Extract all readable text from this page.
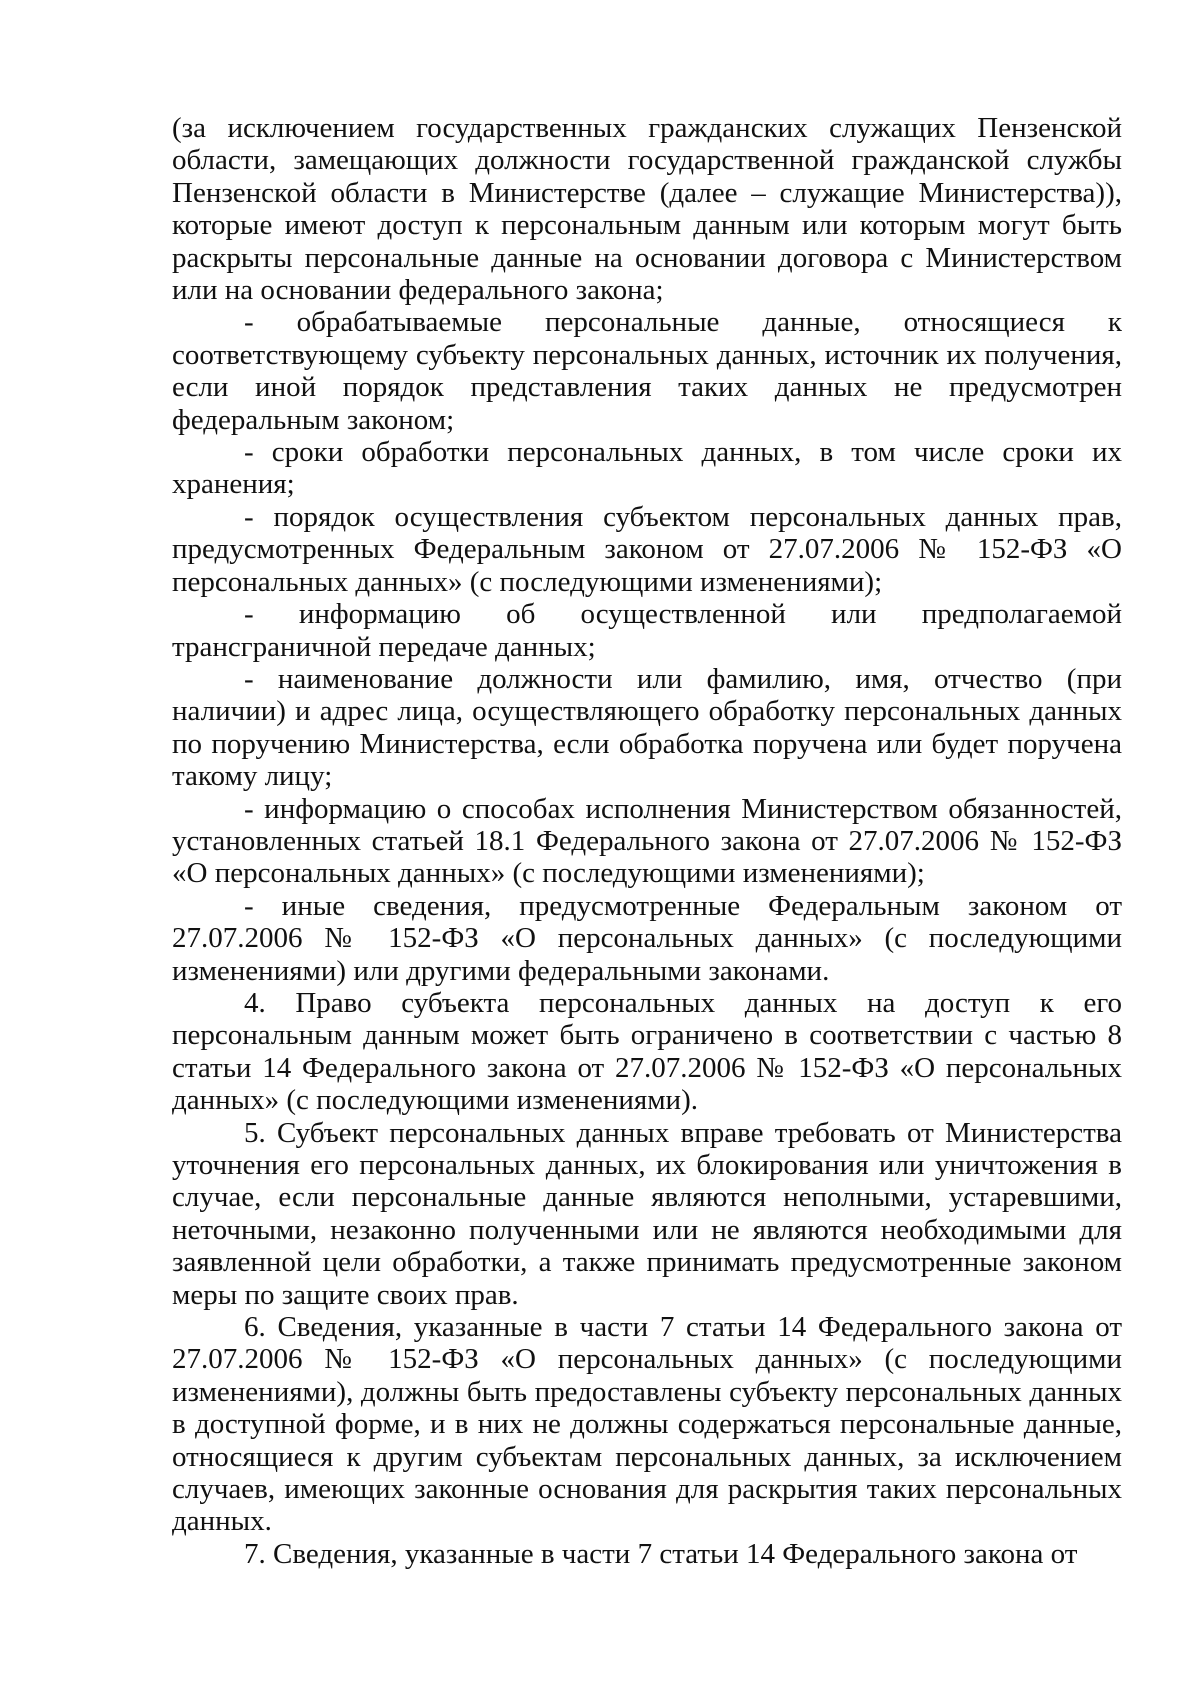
(за исключением государственных гражданских служащих Пензенской области, замещающих должности государственной гражданской службы Пензенской области в Министерстве (далее – служащие Министерства)), которые имеют доступ к персональным данным или которым могут быть раскрыты персональные данные на основании договора с Министерством или на основании федерального закона;

- обрабатываемые персональные данные, относящиеся к соответствующему субъекту персональных данных, источник их получения, если иной порядок представления таких данных не предусмотрен федеральным законом;

- сроки обработки персональных данных, в том числе сроки их хранения;

- порядок осуществления субъектом персональных данных прав, предусмотренных Федеральным законом от 27.07.2006 № 152-ФЗ «О персональных данных» (с последующими изменениями);

- информацию об осуществленной или предполагаемой трансграничной передаче данных;

- наименование должности или фамилию, имя, отчество (при наличии) и адрес лица, осуществляющего обработку персональных данных по поручению Министерства, если обработка поручена или будет поручена такому лицу;

- информацию о способах исполнения Министерством обязанностей, установленных статьей 18.1 Федерального закона от 27.07.2006 № 152-ФЗ «О персональных данных» (с последующими изменениями);

- иные сведения, предусмотренные Федеральным законом от 27.07.2006 № 152-ФЗ «О персональных данных» (с последующими изменениями) или другими федеральными законами.

4. Право субъекта персональных данных на доступ к его персональным данным может быть ограничено в соответствии с частью 8 статьи 14 Федерального закона от 27.07.2006 № 152-ФЗ «О персональных данных» (с последующими изменениями).

5. Субъект персональных данных вправе требовать от Министерства уточнения его персональных данных, их блокирования или уничтожения в случае, если персональные данные являются неполными, устаревшими, неточными, незаконно полученными или не являются необходимыми для заявленной цели обработки, а также принимать предусмотренные законом меры по защите своих прав.

6. Сведения, указанные в части 7 статьи 14 Федерального закона от 27.07.2006 № 152-ФЗ «О персональных данных» (с последующими изменениями), должны быть предоставлены субъекту персональных данных в доступной форме, и в них не должны содержаться персональные данные, относящиеся к другим субъектам персональных данных, за исключением случаев, имеющих законные основания для раскрытия таких персональных данных.

7. Сведения, указанные в части 7 статьи 14 Федерального закона от
